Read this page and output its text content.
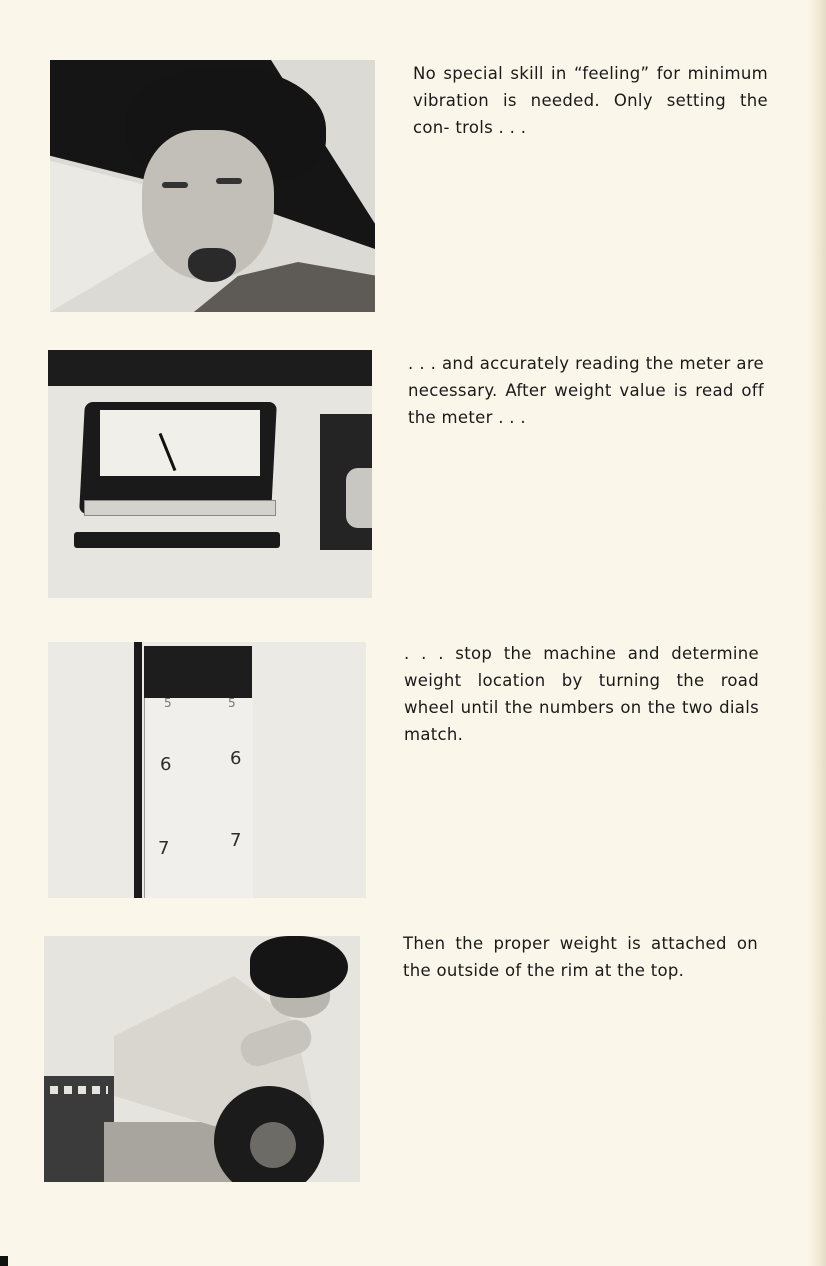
No special skill in “feeling” for minimum vibration is needed. Only setting the con- trols . . .

. . . and accurately reading the meter are necessary. After weight value is read off the meter . . .

5	5
6	6
7	7

. . . stop the machine and determine weight location by turning the road wheel until the numbers on the two dials match.

Then the proper weight is attached on the outside of the rim at the top.
